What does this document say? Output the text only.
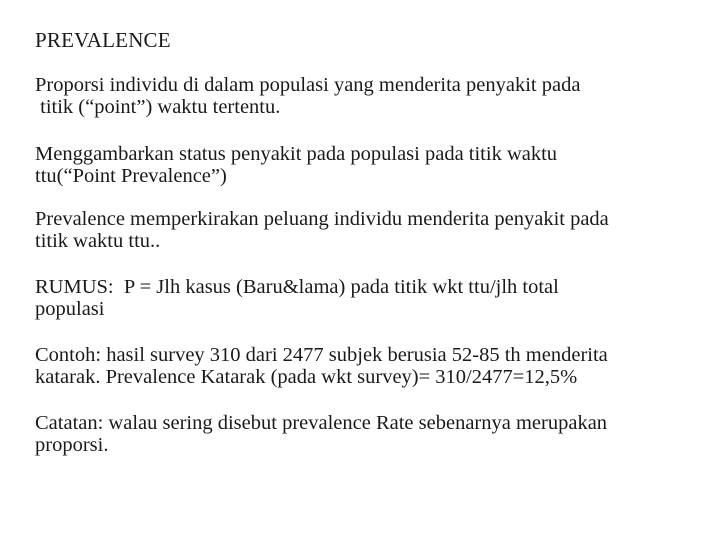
PREVALENCE

Proporsi individu di dalam populasi yang menderita penyakit pada
titik (“point”) waktu tertentu.

Menggambarkan status penyakit pada populasi pada titik waktu
ttu(“Point Prevalence”)

Prevalence memperkirakan peluang individu menderita penyakit pada
titik waktu ttu..

RUMUS:  P = Jlh kasus (Baru&lama) pada titik wkt ttu/jlh total
populasi

Contoh: hasil survey 310 dari 2477 subjek berusia 52-85 th menderita
katarak. Prevalence Katarak (pada wkt survey)= 310/2477=12,5%

Catatan: walau sering disebut prevalence Rate sebenarnya merupakan
proporsi.
